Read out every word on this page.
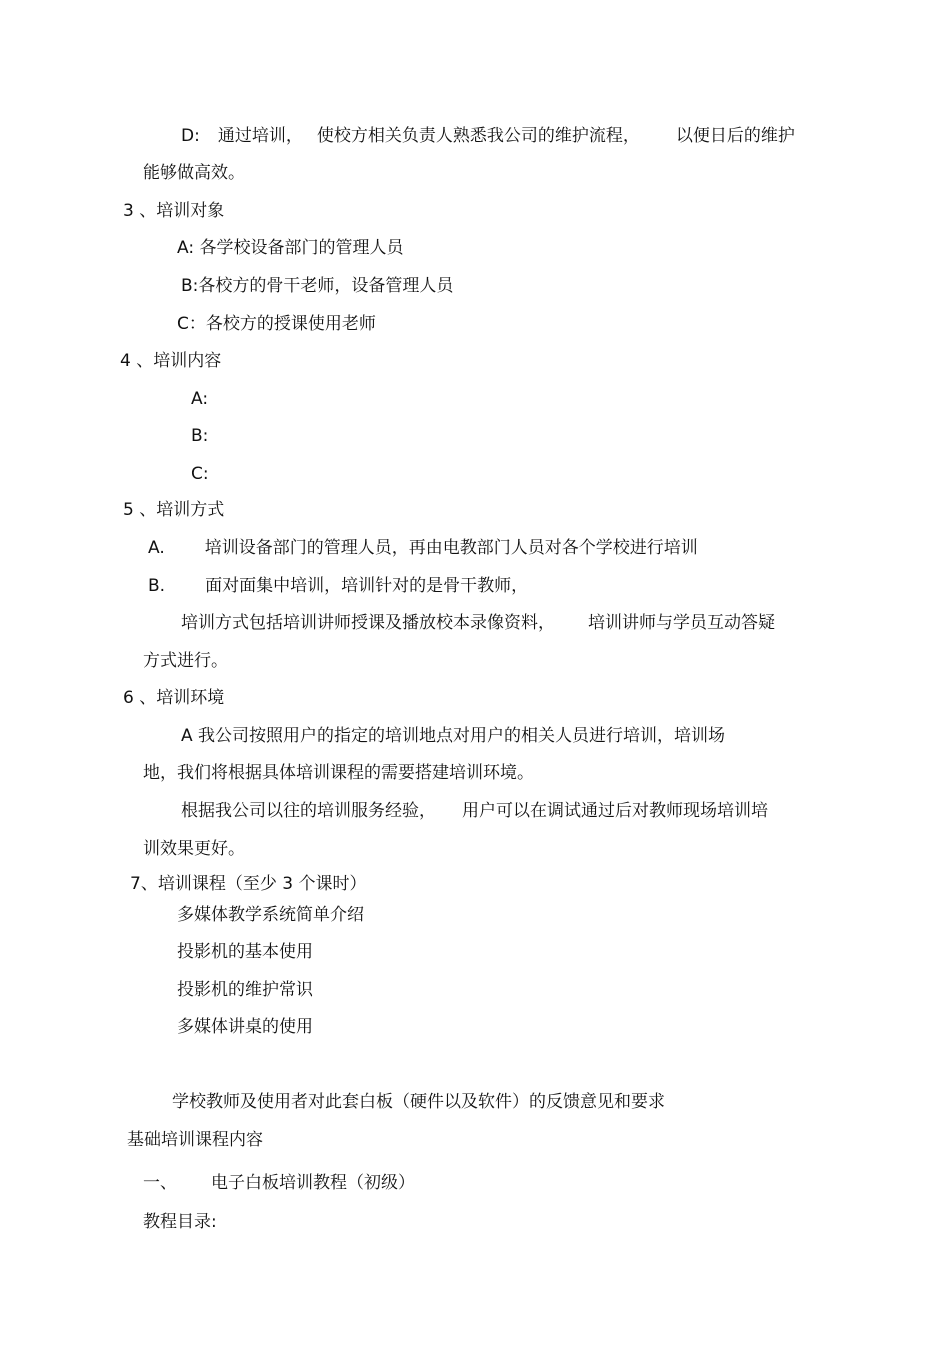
D: 通过培训， 使校方相关负责人熟悉我公司的维护流程， 以便日后的维护
能够做高效。
3 、培训对象
A: 各学校设备部门的管理人员
B:各校方的骨干老师，设备管理人员
C：各校方的授课使用老师
4 、培训内容
A:
B:
C:
5 、培训方式
A. 培训设备部门的管理人员，再由电教部门人员对各个学校进行培训
B. 面对面集中培训，培训针对的是骨干教师，
培训方式包括培训讲师授课及播放校本录像资料， 培训讲师与学员互动答疑
方式进行。
6 、培训环境
A 我公司按照用户的指定的培训地点对用户的相关人员进行培训，培训场
地，我们将根据具体培训课程的需要搭建培训环境。
根据我公司以往的培训服务经验， 用户可以在调试通过后对教师现场培训培
训效果更好。
7、培训课程（至少 3 个课时）
多媒体教学系统简单介绍
投影机的基本使用
投影机的维护常识
多媒体讲桌的使用
学校教师及使用者对此套白板（硬件以及软件）的反馈意见和要求
基础培训课程内容
一、 电子白板培训教程（初级）
教程目录:
